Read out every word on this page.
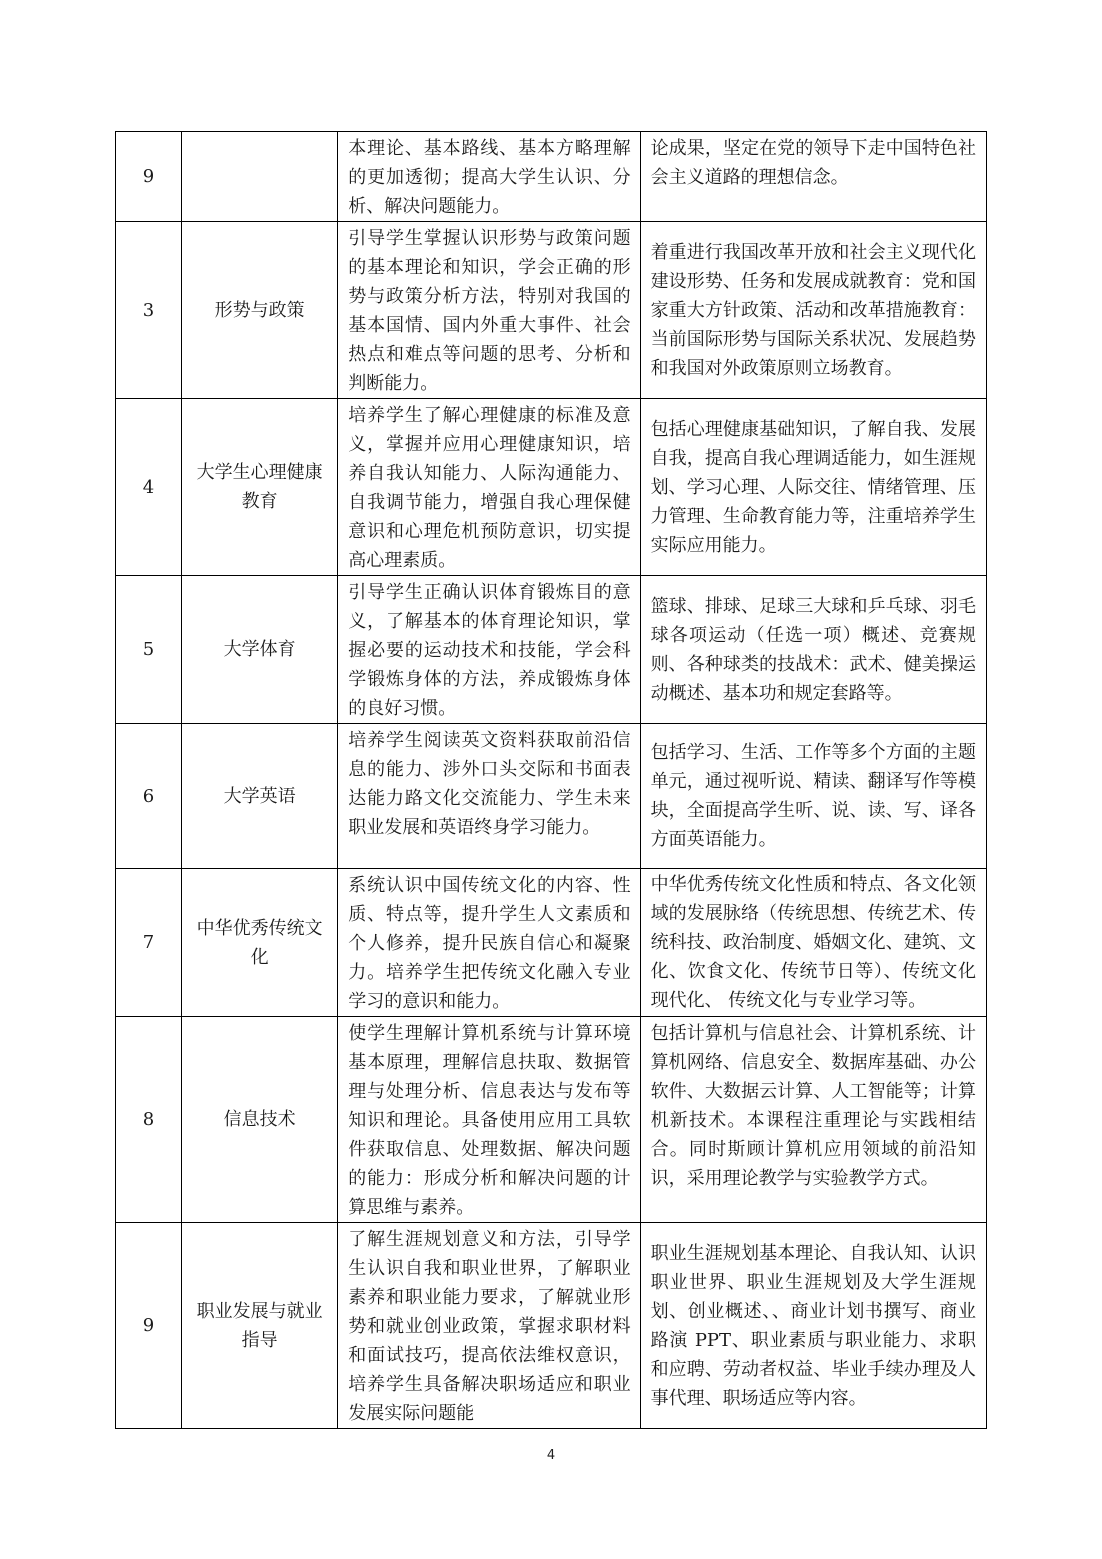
9		本理论、基本路线、基本方略理解的更加透彻；提高大学生认识、分析、解决问题能力。	论成果，坚定在党的领导下走中国特色社会主义道路的理想信念。
3	形势与政策	引导学生掌握认识形势与政策问题的基本理论和知识，学会正确的形势与政策分析方法，特别对我国的基本国情、国内外重大事件、社会热点和难点等问题的思考、分析和判断能力。	着重进行我国改革开放和社会主义现代化建设形势、任务和发展成就教育：党和国家重大方针政策、活动和改革措施教育：当前国际形势与国际关系状况、发展趋势和我国对外政策原则立场教育。
4	大学生心理健康教育	培养学生了解心理健康的标准及意义，掌握并应用心理健康知识，培养自我认知能力、人际沟通能力、自我调节能力，增强自我心理保健意识和心理危机预防意识，切实提高心理素质。	包括心理健康基础知识，了解自我、发展自我，提高自我心理调适能力，如生涯规划、学习心理、人际交往、情绪管理、压力管理、生命教育能力等，注重培养学生实际应用能力。
5	大学体育	引导学生正确认识体育锻炼目的意义，了解基本的体育理论知识，掌握必要的运动技术和技能，学会科学锻炼身体的方法，养成锻炼身体的良好习惯。	篮球、排球、足球三大球和乒乓球、羽毛球各项运动（任选一项）概述、竞赛规则、各种球类的技战术：武术、健美操运动概述、基本功和规定套路等。
6	大学英语	培养学生阅读英文资料获取前沿信息的能力、涉外口头交际和书面表达能力路文化交流能力、学生未来职业发展和英语终身学习能力。	包括学习、生活、工作等多个方面的主题单元，通过视听说、精读、翻译写作等模块，全面提高学生听、说、读、写、译各方面英语能力。
7	中华优秀传统文化	系统认识中国传统文化的内容、性质、特点等，提升学生人文素质和个人修养，提升民族自信心和凝聚力。培养学生把传统文化融入专业学习的意识和能力。	中华优秀传统文化性质和特点、各文化领域的发展脉络（传统思想、传统艺术、传统科技、政治制度、婚姻文化、建筑、文化、饮食文化、传统节日等）、传统文化现代化、 传统文化与专业学习等。
8	信息技术	使学生理解计算机系统与计算环境基本原理，理解信息扶取、数据管理与处理分析、信息表达与发布等知识和理论。具备使用应用工具软件获取信息、处理数据、解决问题的能力：形成分析和解决问题的计算思维与素养。	包括计算机与信息社会、计算机系统、计算机网络、信息安全、数据库基础、办公软件、大数据云计算、人工智能等；计算机新技术。本课程注重理论与实践相结合。同时斯顾计算机应用领域的前沿知识，采用理论教学与实验教学方式。
9	职业发展与就业指导	了解生涯规划意义和方法，引导学生认识自我和职业世界，了解职业素养和职业能力要求，了解就业形势和就业创业政策，掌握求职材料和面试技巧，提高依法维权意识，培养学生具备解决职场适应和职业发展实际问题能	职业生涯规划基本理论、自我认知、认识职业世界、职业生涯规划及大学生涯规划、创业概述、、商业计划书撰写、商业路演 PPT、职业素质与职业能力、求职和应聘、劳动者权益、毕业手续办理及人事代理、职场适应等内容。
4
